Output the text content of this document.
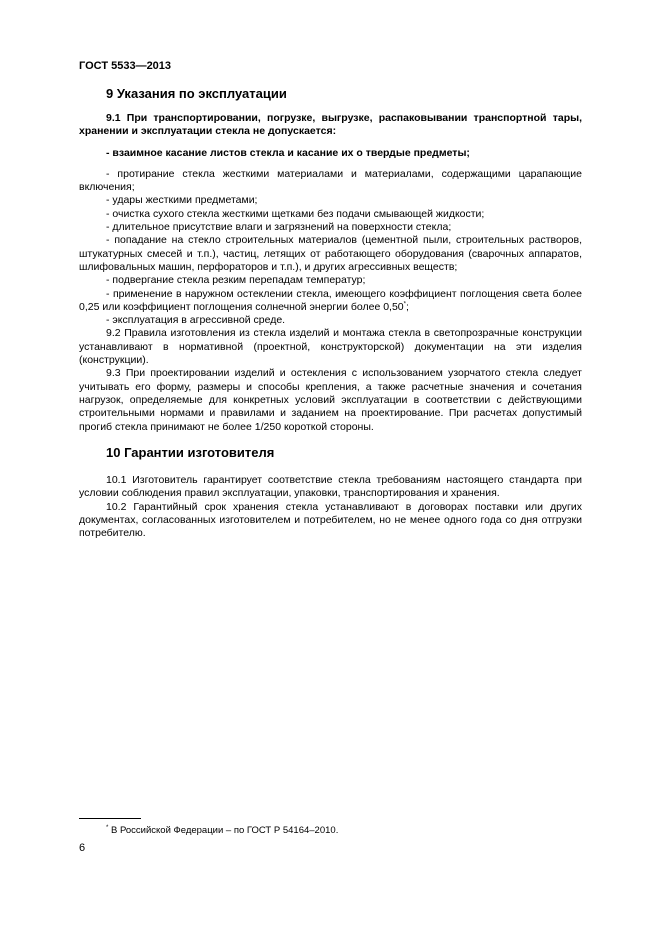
ГОСТ 5533—2013
9 Указания по эксплуатации

9.1 При транспортировании, погрузке, выгрузке, распаковывании транспортной тары, хранении и эксплуатации стекла не допускается:

- взаимное касание листов стекла и касание их о твердые предметы;

- протирание стекла жесткими материалами и материалами, содержащими царапающие включения;

- удары жесткими предметами;

- очистка сухого стекла жесткими щетками без подачи смывающей жидкости;

- длительное присутствие влаги и загрязнений на поверхности стекла;

- попадание на стекло строительных материалов (цементной пыли, строительных растворов, штукатурных смесей и т.п.), частиц, летящих от работающего оборудования (сварочных аппаратов, шлифовальных машин, перфораторов и т.п.), и других агрессивных веществ;

- подвергание стекла резким перепадам температур;

- применение в наружном остеклении стекла, имеющего коэффициент поглощения света более 0,25 или коэффициент поглощения солнечной энергии более 0,50*;

- эксплуатация в агрессивной среде.

9.2 Правила изготовления из стекла изделий и монтажа стекла в светопрозрачные конструкции устанавливают в нормативной (проектной, конструкторской) документации на эти изделия (конструкции).

9.3 При проектировании изделий и остекления с использованием узорчатого стекла следует учитывать его форму, размеры и способы крепления, а также расчетные значения и сочетания нагрузок, определяемые для конкретных условий эксплуатации в соответствии с действующими строительными нормами и правилами и заданием на проектирование. При расчетах допустимый прогиб стекла принимают не более 1/250 короткой стороны.

10 Гарантии изготовителя

10.1 Изготовитель гарантирует соответствие стекла требованиям настоящего стандарта при условии соблюдения правил эксплуатации, упаковки, транспортирования и хранения.

10.2 Гарантийный срок хранения стекла устанавливают в договорах поставки или других документах, согласованных изготовителем и потребителем, но не менее одного года со дня отгрузки потребителю.

* В Российской Федерации – по ГОСТ Р 54164–2010.
6
